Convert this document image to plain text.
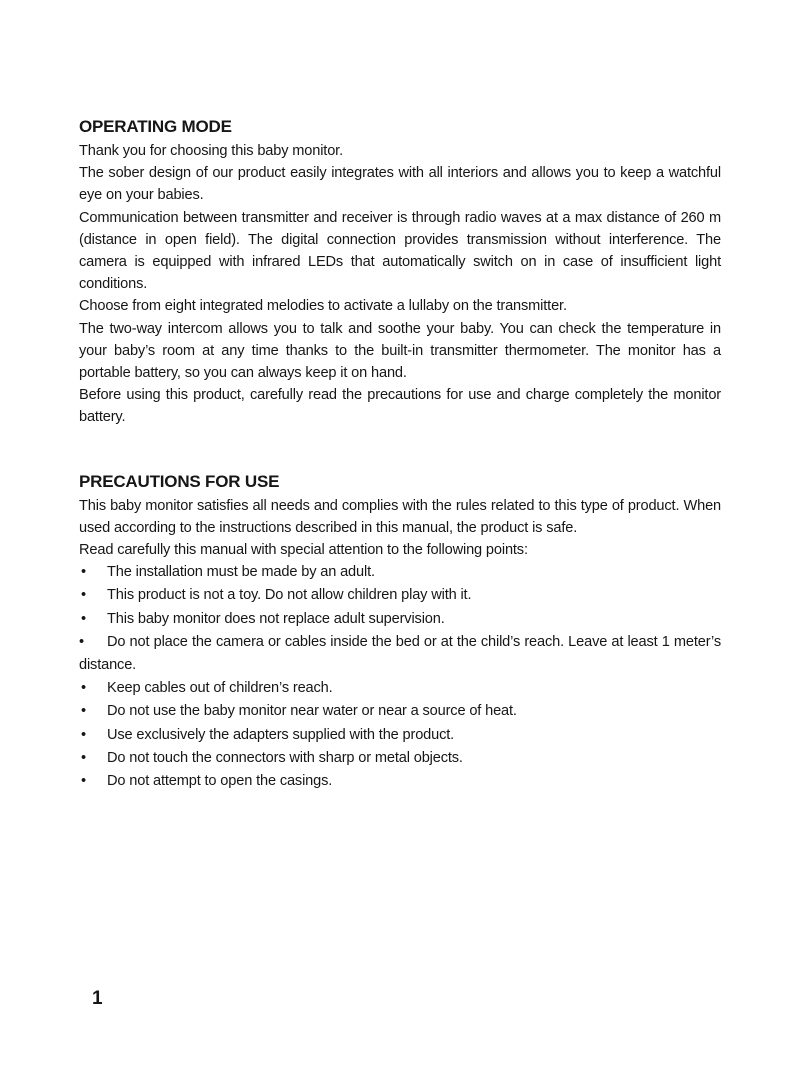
OPERATING MODE

Thank you for choosing this baby monitor.

The sober design of our product easily integrates with all interiors and allows you to keep a watchful eye on your babies.

Communication between transmitter and receiver is through radio waves at a max distance of 260 m (distance in open field). The digital connection provides transmission without interference. The camera is equipped with infrared LEDs that automatically switch on in case of insufficient light conditions.

Choose from eight integrated melodies to activate a lullaby on the transmitter.

The two-way intercom allows you to talk and soothe your baby. You can check the temperature in your baby’s room at any time thanks to the built-in transmitter thermometer. The monitor has a portable battery, so you can always keep it on hand.

Before using this product, carefully read the precautions for use and charge completely the monitor battery.

PRECAUTIONS FOR USE

This baby monitor satisfies all needs and complies with the rules related to this type of product. When used according to the instructions described in this manual, the product is safe.

Read carefully this manual with special attention to the following points:

•	The installation must be made by an adult.
•	This product is not a toy. Do not allow children play with it.
•	This baby monitor does not replace adult supervision.
• Do not place the camera or cables inside the bed or at the child’s reach. Leave at least 1 meter’s distance.
•	Keep cables out of children’s reach.
•	Do not use the baby monitor near water or near a source of heat.
•	Use exclusively the adapters supplied with the product.
•	Do not touch the connectors with sharp or metal objects.
•	Do not attempt to open the casings.
1
